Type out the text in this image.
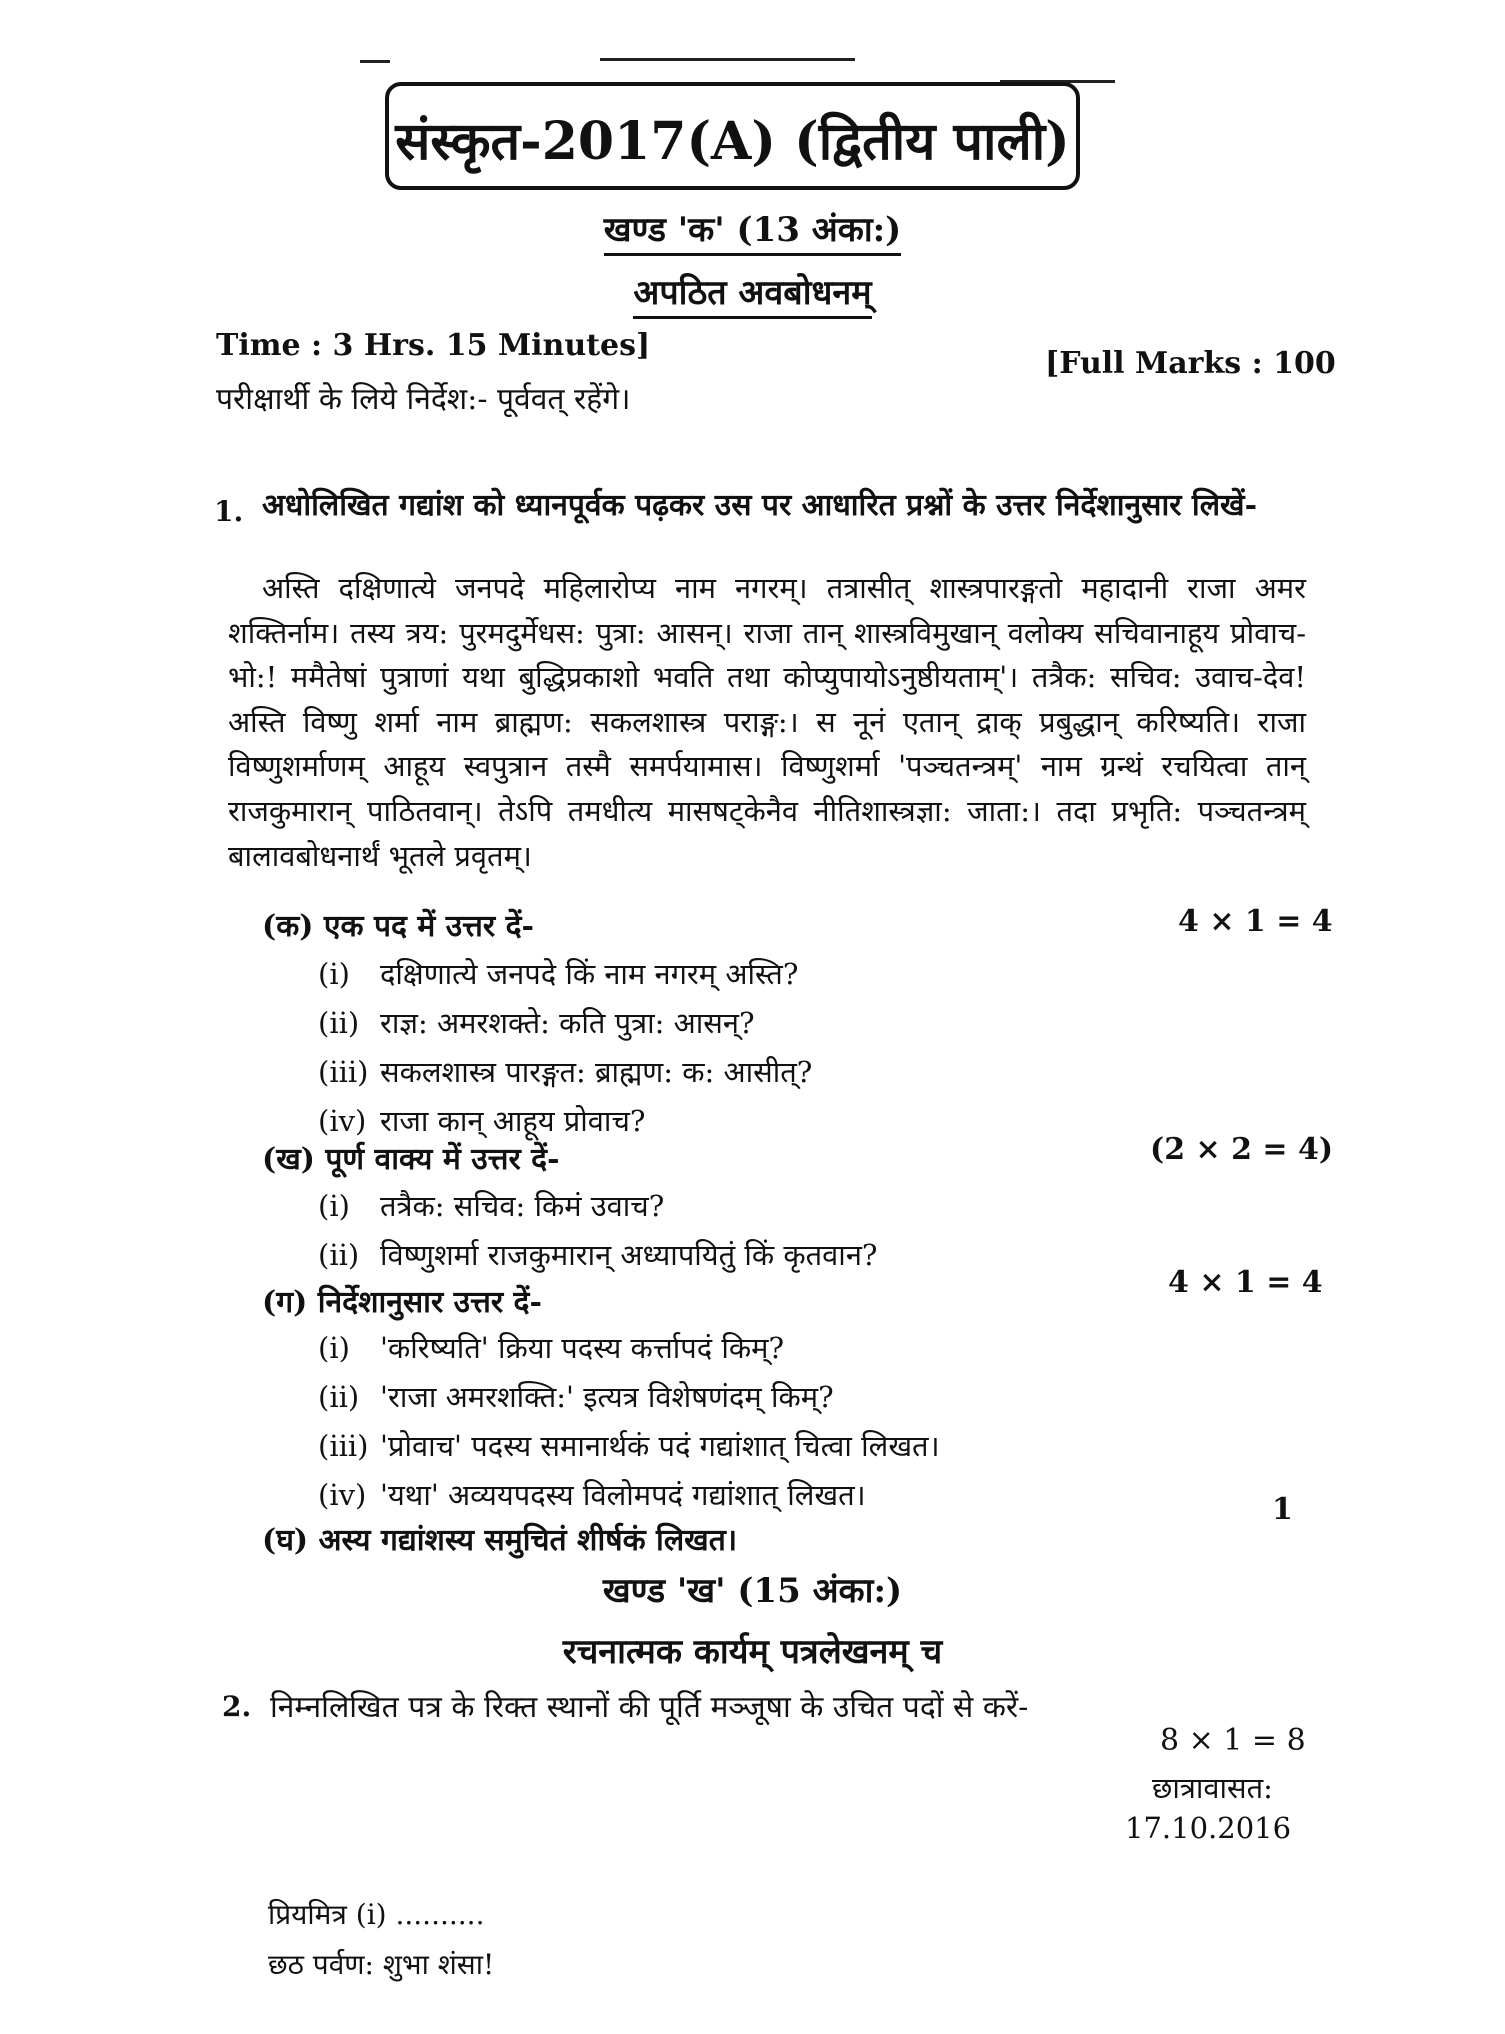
संस्कृत-2017(A) (द्वितीय पाली)
खण्ड 'क' (13 अंका:)
अपठित अवबोधनम्
Time : 3 Hrs. 15 Minutes]
[Full Marks : 100
परीक्षार्थी के लिये निर्देश:- पूर्ववत् रहेंगे।
1. अधोलिखित गद्यांश को ध्यानपूर्वक पढ़कर उस पर आधारित प्रश्नों के उत्तर निर्देशानुसार लिखें-
अस्ति दक्षिणात्ये जनपदे महिलारोप्य नाम नगरम्। तत्रासीत् शास्त्रपारङ्गतो महादानी राजा अमर शक्तिर्नाम। तस्य त्रय: पुरमदुर्मेधस: पुत्रा: आसन्। राजा तान् शास्त्रविमुखान् वलोक्य सचिवानाहूय प्रोवाच-भो:! ममैतेषां पुत्राणां यथा बुद्धिप्रकाशो भवति तथा कोप्युपायोऽनुष्ठीयताम्'। तत्रैक: सचिव: उवाच-देव! अस्ति विष्णु शर्मा नाम ब्राह्मण: सकलशास्त्र पराङ्ग:। स नूनं एतान् द्राक् प्रबुद्धान् करिष्यति। राजा विष्णुशर्माणम् आहूय स्वपुत्रान तस्मै समर्पयामास। विष्णुशर्मा 'पञ्चतन्त्रम्' नाम ग्रन्थं रचयित्वा तान् राजकुमारान् पाठितवान्। तेऽपि तमधीत्य मासषट्केनैव नीतिशास्त्रज्ञा: जाता:। तदा प्रभृति: पञ्चतन्त्रम् बालावबोधनार्थं भूतले प्रवृतम्।
(क) एक पद में उत्तर दें-	4 × 1 = 4
(i) दक्षिणात्ये जनपदे किं नाम नगरम् अस्ति?
(ii) राज्ञ: अमरशक्ते: कति पुत्रा: आसन्?
(iii) सकलशास्त्र पारङ्गत: ब्राह्मण: क: आसीत्?
(iv) राजा कान् आहूय प्रोवाच?
(ख) पूर्ण वाक्य में उत्तर दें-	(2 × 2 = 4)
(i) तत्रैक: सचिव: किमं उवाच?
(ii) विष्णुशर्मा राजकुमारान् अध्यापयितुं किं कृतवान?
(ग) निर्देशानुसार उत्तर दें-
4 × 1 = 4
(i) 'करिष्यति' क्रिया पदस्य कर्त्तापदं किम्?
(ii) 'राजा अमरशक्ति:' इत्यत्र विशेषणंदम् किम्?
(iii) 'प्रोवाच' पदस्य समानार्थकं पदं गद्यांशात् चित्वा लिखत।
(iv) 'यथा' अव्ययपदस्य विलोमपदं गद्यांशात् लिखत।
(घ) अस्य गद्यांशस्य समुचितं शीर्षकं लिखत।
1
खण्ड 'ख' (15 अंका:)
रचनात्मक कार्यम् पत्रलेखनम् च
2. निम्नलिखित पत्र के रिक्त स्थानों की पूर्ति मञ्जूषा के उचित पदों से करें-
8 × 1 = 8
छात्रावासत:
17.10.2016
प्रियमित्र (i) ..........
छठ पर्वण: शुभा शंसा!
